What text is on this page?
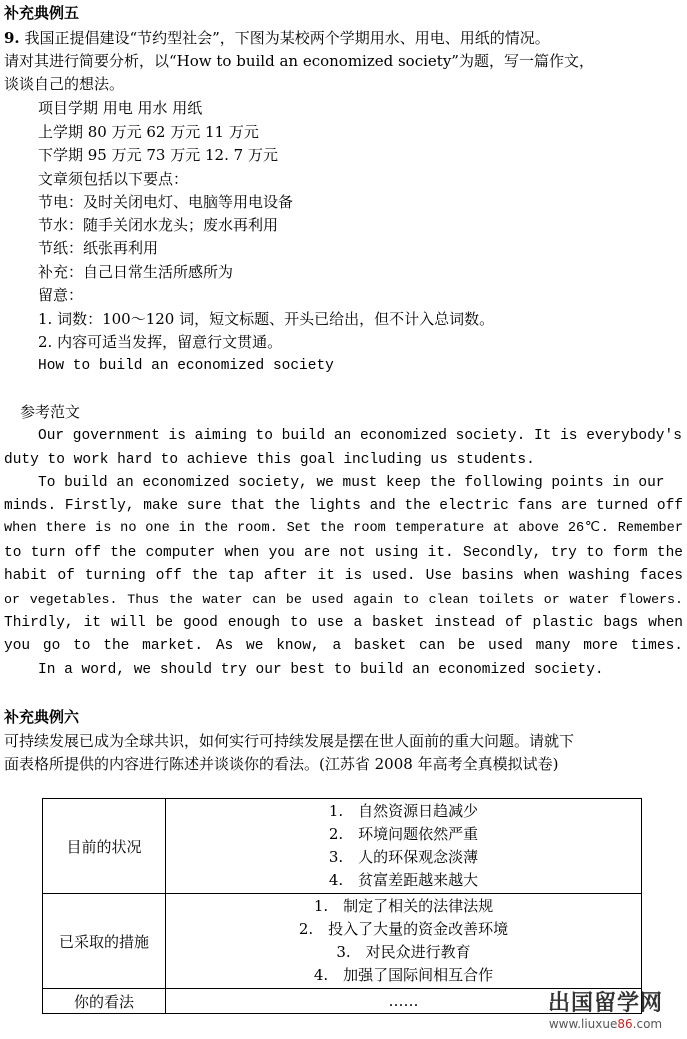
补充典例五
9. 我国正提倡建设“节约型社会”，下图为某校两个学期用水、用电、用纸的情况。
请对其进行简要分析，以“How to build an economized society”为题，写一篇作文，
谈谈自己的想法。
项目学期 用电 用水 用纸
上学期 80 万元 62 万元 11 万元
下学期 95 万元 73 万元 12. 7 万元
文章须包括以下要点：
节电：及时关闭电灯、电脑等用电设备
节水：随手关闭水龙头；废水再利用
节纸：纸张再利用
补充：自己日常生活所感所为
留意：
1. 词数：100～120 词，短文标题、开头已给出，但不计入总词数。
2. 内容可适当发挥，留意行文贯通。
How to build an economized society
参考范文
Our government is aiming to build an economized society. It is everybody's
duty to work hard to achieve this goal including us students.
To build an economized society, we must keep the following points in our
minds. Firstly, make sure that the lights and the electric fans are turned off
when there is no one in the room. Set the room temperature at above 26℃. Remember
to turn off the computer when you are not using it. Secondly, try to form the
habit of turning off the tap after it is used. Use basins when washing faces
or vegetables. Thus the water can be used again to clean toilets or water flowers.
Thirdly, it will be good enough to use a basket instead of plastic bags when
you go to the market. As we know, a basket can be used many more times.
In a word, we should try our best to build an economized society.
补充典例六
可持续发展已成为全球共识，如何实行可持续发展是摆在世人面前的重大问题。请就下
面表格所提供的内容进行陈述并谈谈你的看法。(江苏省 2008 年高考全真模拟试卷)
目前的状况	1.　自然资源日趋减少
2.　环境问题依然严重
3.　人的环保观念淡薄
4.　贫富差距越来越大

已采取的措施	1.　制定了相关的法律法规
2.　投入了大量的资金改善环境
3.　对民众进行教育
4.　加强了国际间相互合作

你的看法	……	出国留学网
www.liuxue86.com
